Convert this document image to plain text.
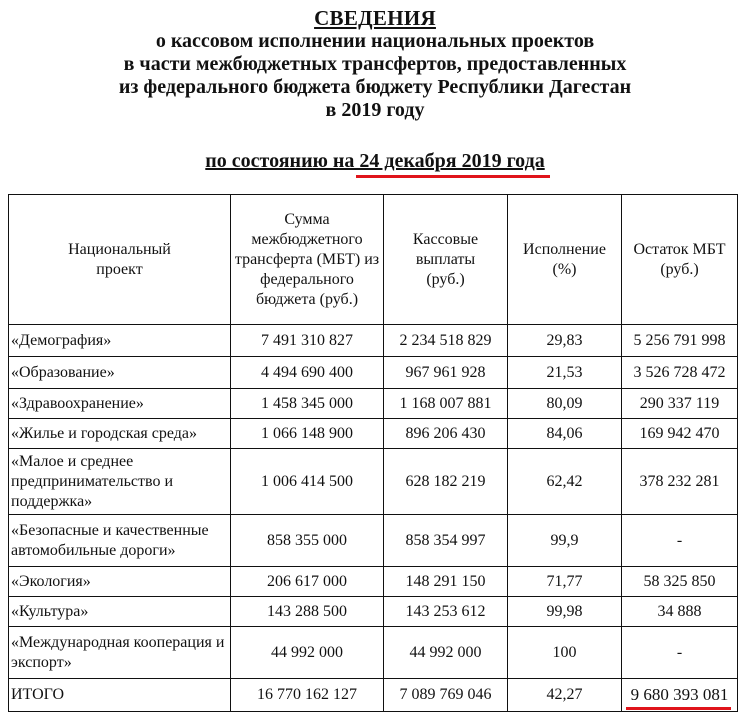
СВЕДЕНИЯ
о кассовом исполнении национальных проектов
в части межбюджетных трансфертов, предоставленных
из федерального бюджета бюджету Республики Дагестан
в 2019 году
по состоянию на 24 декабря 2019 года
Национальный проект	Сумма межбюджетного трансферта (МБТ) из федерального бюджета (руб.)	Кассовые выплаты (руб.)	Исполнение (%)	Остаток МБТ (руб.)
«Демография»	7 491 310 827	2 234 518 829	29,83	5 256 791 998
«Образование»	4 494 690 400	967 961 928	21,53	3 526 728 472
«Здравоохранение»	1 458 345 000	1 168 007 881	80,09	290 337 119
«Жилье и городская среда»	1 066 148 900	896 206 430	84,06	169 942 470
«Малое и среднее предпринимательство и поддержка»	1 006 414 500	628 182 219	62,42	378 232 281
«Безопасные и качественные автомобильные дороги»	858 355 000	858 354 997	99,9	-
«Экология»	206 617 000	148 291 150	71,77	58 325 850
«Культура»	143 288 500	143 253 612	99,98	34 888
«Международная кооперация и экспорт»	44 992 000	44 992 000	100	-
ИТОГО	16 770 162 127	7 089 769 046	42,27	9 680 393 081
